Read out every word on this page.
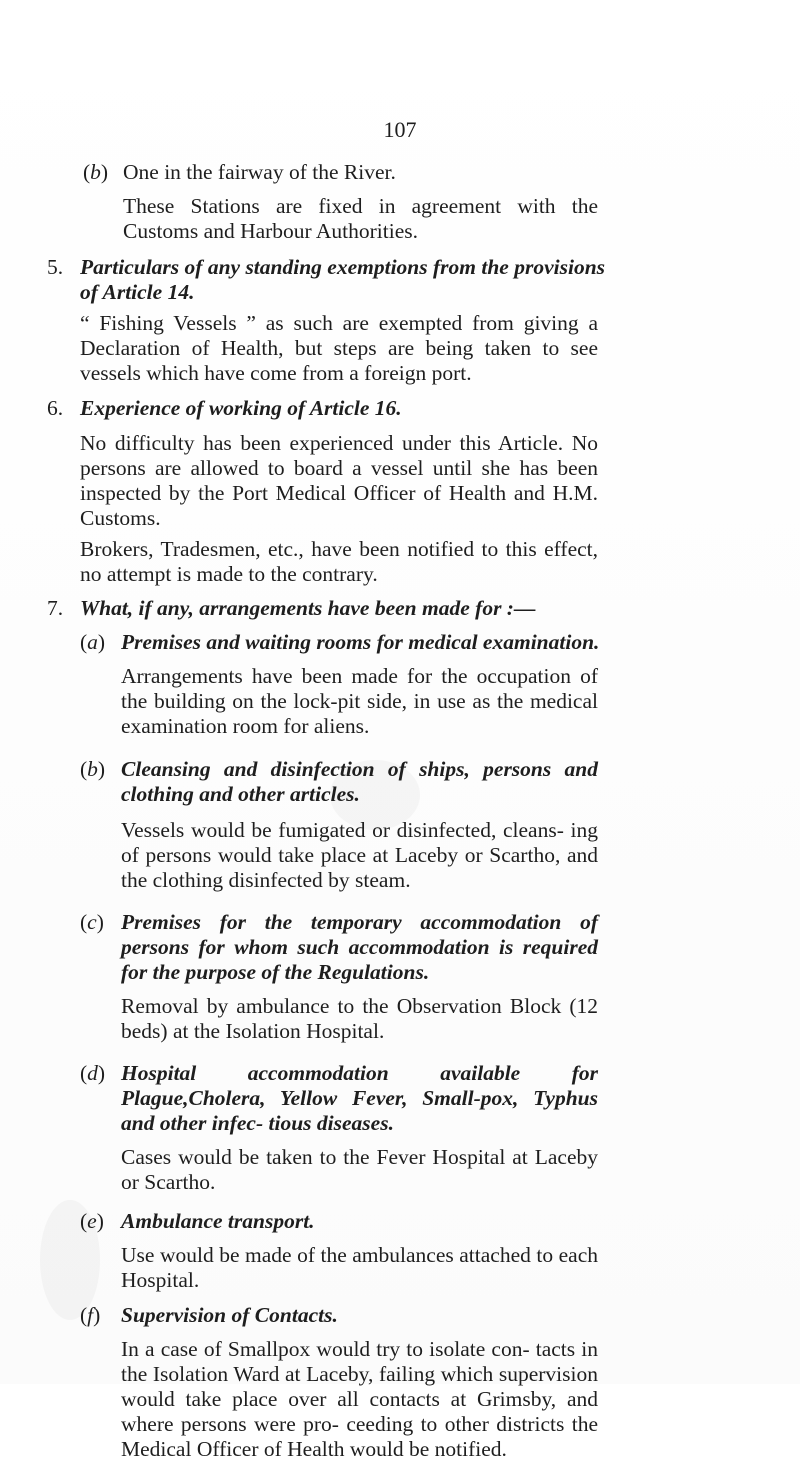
107
(b) One in the fairway of the River.

These Stations are fixed in agreement with the Customs and Harbour Authorities.

5. Particulars of any standing exemptions from the provisions

of Article 14.

“ Fishing Vessels ” as such are exempted from giving a Declaration of Health, but steps are being taken to see vessels which have come from a foreign port.

6. Experience of working of Article 16.

No difficulty has been experienced under this Article. No persons are allowed to board a vessel until she has been inspected by the Port Medical Officer of Health and H.M. Customs.

Brokers, Tradesmen, etc., have been notified to this effect, no attempt is made to the contrary.

7. What, if any, arrangements have been made for :—

(a) Premises and waiting rooms for medical examination.

Arrangements have been made for the occupation of the building on the lock-pit side, in use as the medical examination room for aliens.

(b) Cleansing and disinfection of ships, persons and clothing and other articles.

Vessels would be fumigated or disinfected, cleans- ing of persons would take place at Laceby or Scartho, and the clothing disinfected by steam.

(c) Premises for the temporary accommodation of persons for whom such accommodation is required for the purpose of the Regulations.

Removal by ambulance to the Observation Block (12 beds) at the Isolation Hospital.

(d) Hospital accommodation available for Plague,Cholera, Yellow Fever, Small-pox, Typhus and other infec- tious diseases.

Cases would be taken to the Fever Hospital at Laceby or Scartho.

(e) Ambulance transport.

Use would be made of the ambulances attached to each Hospital.

(f) Supervision of Contacts.

In a case of Smallpox would try to isolate con- tacts in the Isolation Ward at Laceby, failing which supervision would take place over all contacts at Grimsby, and where persons were pro- ceeding to other districts the Medical Officer of Health would be notified.
